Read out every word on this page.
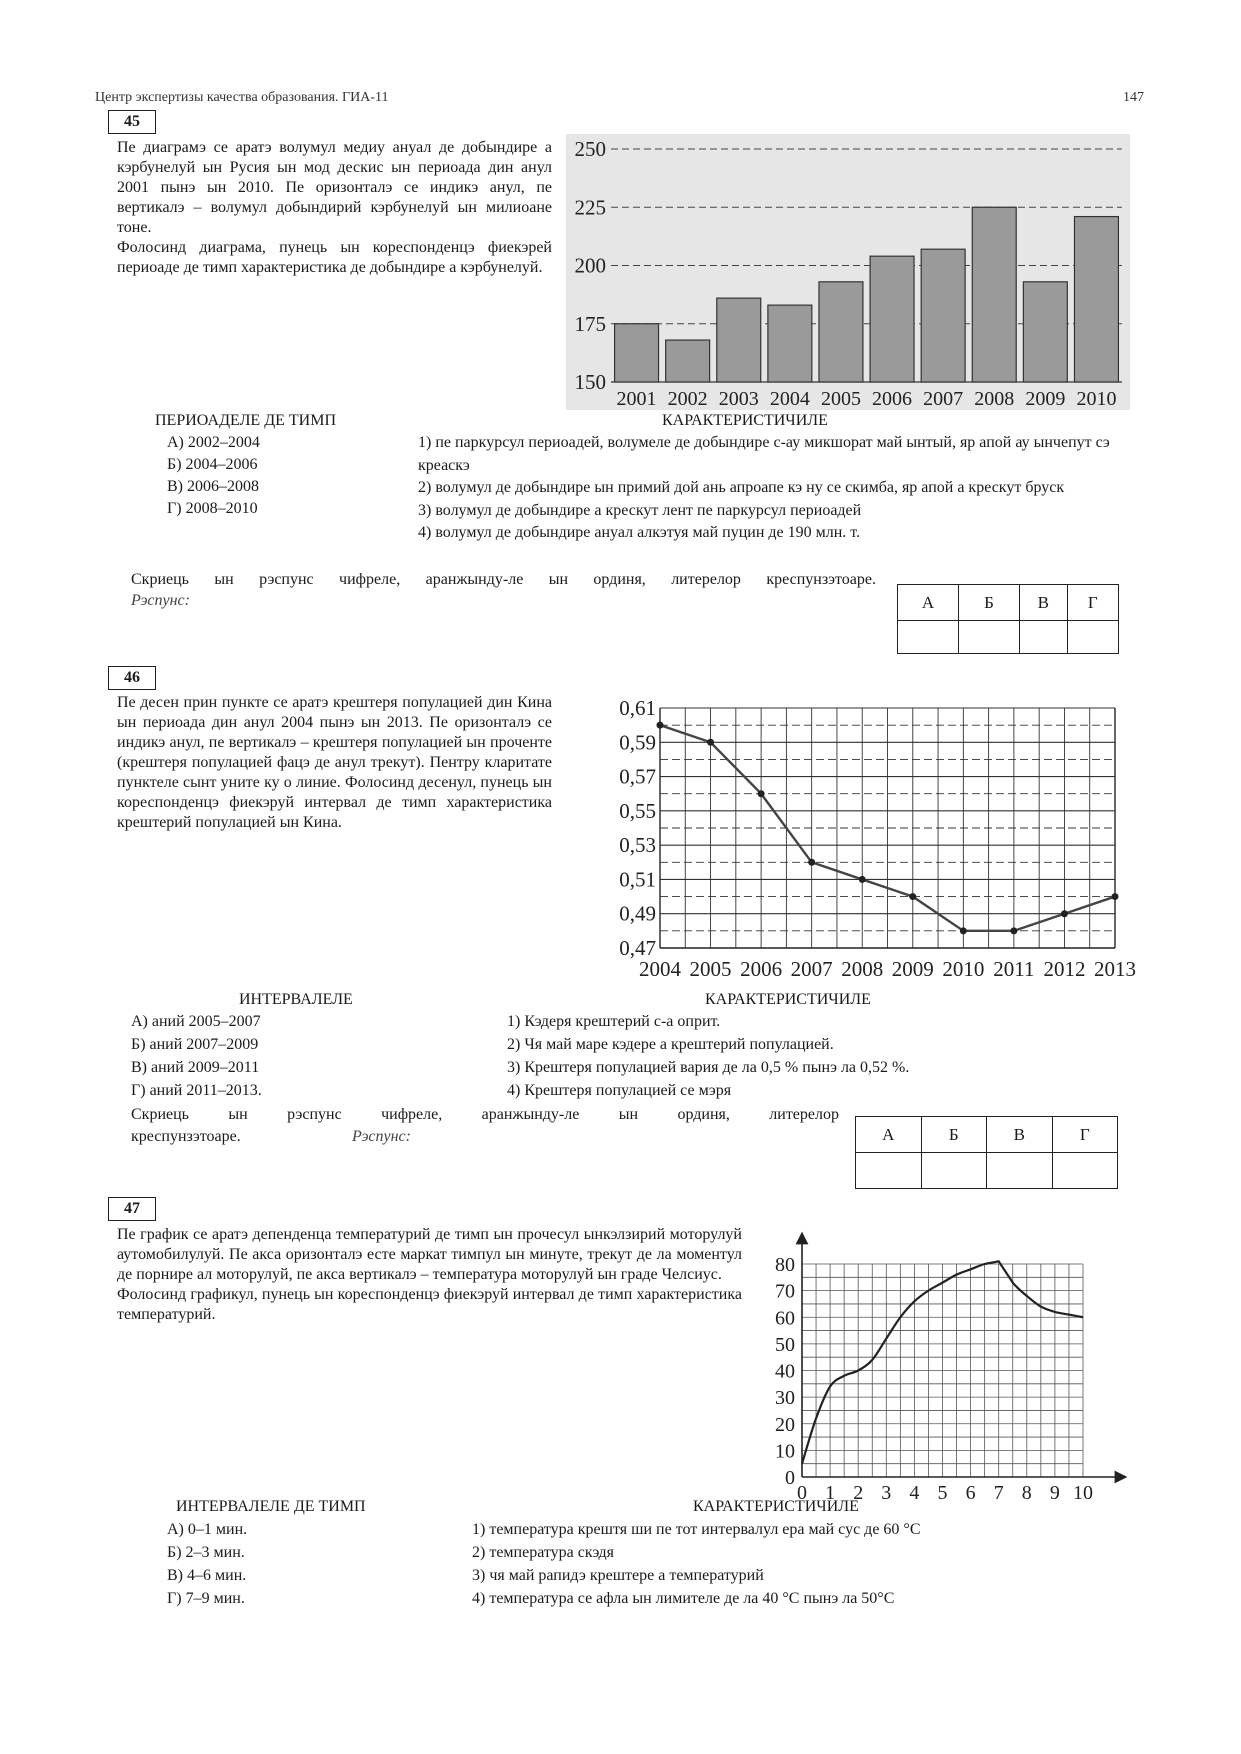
Центр экспертизы качества образования. ГИА-11	147
45

Пе диаграмэ се аратэ волумул медиу ануал де добындире а кэрбунелуй ын Русия ын мод дескис ын периоада дин анул 2001 пынэ ын 2010. Пе оризонталэ се индикэ анул, пе вертикалэ – волумул добындирий кэрбунелуй ын милиоане тоне.

Фолосинд диаграма, пунець ын кореспонденцэ фиекэрей периоаде де тимп характеристика де добындире а кэрбунелуй.

150
175
200
225
250
2001 2002 2003 2004 2005 2006 2007 2008 2009 2010
ПЕРИОАДЕЛЕ ДЕ ТИМП	КАРАКТЕРИСТИЧИЛЕ
А) 2002–2004
Б) 2004–2006
В) 2006–2008
Г) 2008–2010
1) пе паркурсул периоадей, волумеле де добындире с-ау микшорат май ынтый, яр апой ау ынчепут сэ креаскэ
2) волумул де добындире ын примий дой ань апроапе кэ ну се скимба, яр апой а крескут бруск
3) волумул де добындире а крескут лент пе паркурсул периоадей
4) волумул де добындире ануал алкэтуя май пуцин де 190 млн. т.
Скриець ын рэспунс чифреле, аранжынду-ле ын ординя, литерелор креспунзэтоаре.
Рэспунс:	А	Б	В	Г

46
Пе десен прин пункте се аратэ крештеря популацией дин Кина ын периоада дин анул 2004 пынэ ын 2013. Пе оризонталэ се индикэ анул, пе вертикалэ – крештеря популацией ын проченте (крештеря популацией фацэ де анул трекут). Пентру кларитате пунктеле сынт уните ку о линие. Фолосинд десенул, пунець ын кореспонденцэ фиекэруй интервал де тимп характеристика крештерий популацией ын Кина.
0,61
0,59
0,57
0,55
0,53
0,51
0,49
0,47
2004 2005 2006 2007 2008 2009 2010 2011 2012 2013
ИНТЕРВАЛЕЛЕ	КАРАКТЕРИСТИЧИЛЕ
А) аний 2005–2007
Б) аний 2007–2009
В) аний 2009–2011
Г) аний 2011–2013.
1) Кэдеря крештерий с-а оприт.
2) Чя май маре кэдере а крештерий популацией.
3) Крештеря популацией вария де ла 0,5 % пынэ ла 0,52 %.
4) Крештеря популацией се мэря
Скриець ын рэспунс чифреле, аранжынду-ле ын ординя, литерелор
креспунзэтоаре.	Рэспунс:	А	Б	В	Г

47

Пе график се аратэ депенденца температурий де тимп ын прочесул ынкэлзирий моторулуй аутомобилулуй. Пе акса оризонталэ есте маркат тимпул ын минуте, трекут де ла моментул де порнире ал моторулуй, пе акса вертикалэ – температура моторулуй ын граде Челсиус.

Фолосинд графикул, пунець ын кореспонденцэ фиекэруй интервал де тимп характеристика температурий.

0
10
20
30
40
50
60
70
80
0 1 2 3 4 5 6 7 8 9 10
ИНТЕРВАЛЕЛЕ ДЕ ТИМП	КАРАКТЕРИСТИЧИЛЕ
А) 0–1 мин.
Б) 2–3 мин.
В) 4–6 мин.
Г) 7–9 мин.
1) температура крештя ши пе тот интервалул ера май сус де 60 °С
2) температура скэдя
3) чя май рапидэ крештере а температурий
4) температура се афла ын лимителе де ла 40 °С пынэ ла 50°С
